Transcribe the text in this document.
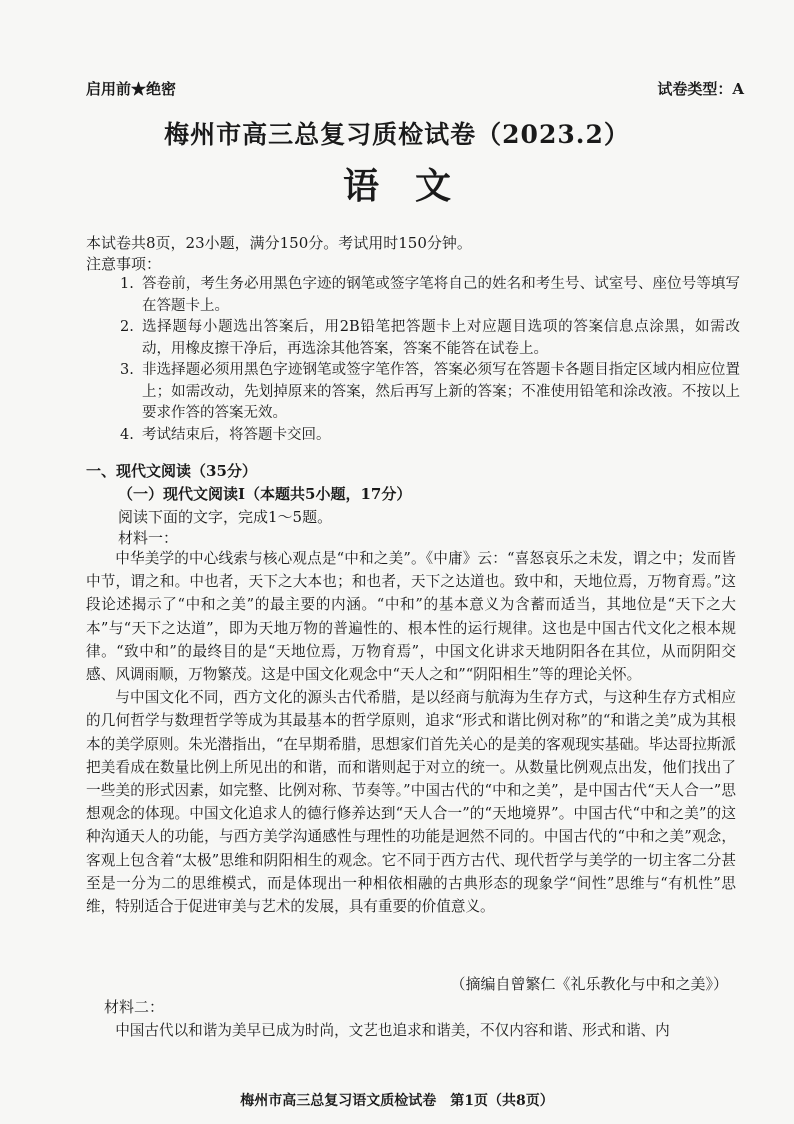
启用前★绝密	试卷类型：A
梅州市高三总复习质检试卷（2023.2）
语文
本试卷共8页，23小题，满分150分。考试用时150分钟。
注意事项：
1. 答卷前，考生务必用黑色字迹的钢笔或签字笔将自己的姓名和考生号、试室号、座位号等填写在答题卡上。
2. 选择题每小题选出答案后，用2B铅笔把答题卡上对应题目选项的答案信息点涂黑，如需改动，用橡皮擦干净后，再选涂其他答案，答案不能答在试卷上。
3. 非选择题必须用黑色字迹钢笔或签字笔作答，答案必须写在答题卡各题目指定区域内相应位置上；如需改动，先划掉原来的答案，然后再写上新的答案；不准使用铅笔和涂改液。不按以上要求作答的答案无效。
4. 考试结束后，将答题卡交回。
一、现代文阅读（35分）
（一）现代文阅读Ⅰ（本题共5小题，17分）
阅读下面的文字，完成1～5题。
材料一：

中华美学的中心线索与核心观点是“中和之美”。《中庸》云：“喜怒哀乐之未发，谓之中；发而皆中节，谓之和。中也者，天下之大本也；和也者，天下之达道也。致中和，天地位焉，万物育焉。”这段论述揭示了“中和之美”的最主要的内涵。“中和”的基本意义为含蓄而适当，其地位是“天下之大本”与“天下之达道”，即为天地万物的普遍性的、根本性的运行规律。这也是中国古代文化之根本规律。“致中和”的最终目的是“天地位焉，万物育焉”，中国文化讲求天地阴阳各在其位，从而阴阳交感、风调雨顺，万物繁茂。这是中国文化观念中“天人之和”“阴阳相生”等的理论关怀。

与中国文化不同，西方文化的源头古代希腊，是以经商与航海为生存方式，与这种生存方式相应的几何哲学与数理哲学等成为其最基本的哲学原则，追求“形式和谐比例对称”的“和谐之美”成为其根本的美学原则。朱光潜指出，“在早期希腊，思想家们首先关心的是美的客观现实基础。毕达哥拉斯派把美看成在数量比例上所见出的和谐，而和谐则起于对立的统一。从数量比例观点出发，他们找出了一些美的形式因素，如完整、比例对称、节奏等。”中国古代的“中和之美”，是中国古代“天人合一”思想观念的体现。中国文化追求人的德行修养达到“天人合一”的“天地境界”。中国古代“中和之美”的这种沟通天人的功能，与西方美学沟通感性与理性的功能是迥然不同的。中国古代的“中和之美”观念，客观上包含着“太极”思维和阴阳相生的观念。它不同于西方古代、现代哲学与美学的一切主客二分甚至是一分为二的思维模式，而是体现出一种相依相融的古典形态的现象学“间性”思维与“有机性”思维，特别适合于促进审美与艺术的发展，具有重要的价值意义。

（摘编自曾繁仁《礼乐教化与中和之美》）
材料二：
中国古代以和谐为美早已成为时尚，文艺也追求和谐美，不仅内容和谐、形式和谐、内
梅州市高三总复习语文质检试卷　第1页（共8页）
